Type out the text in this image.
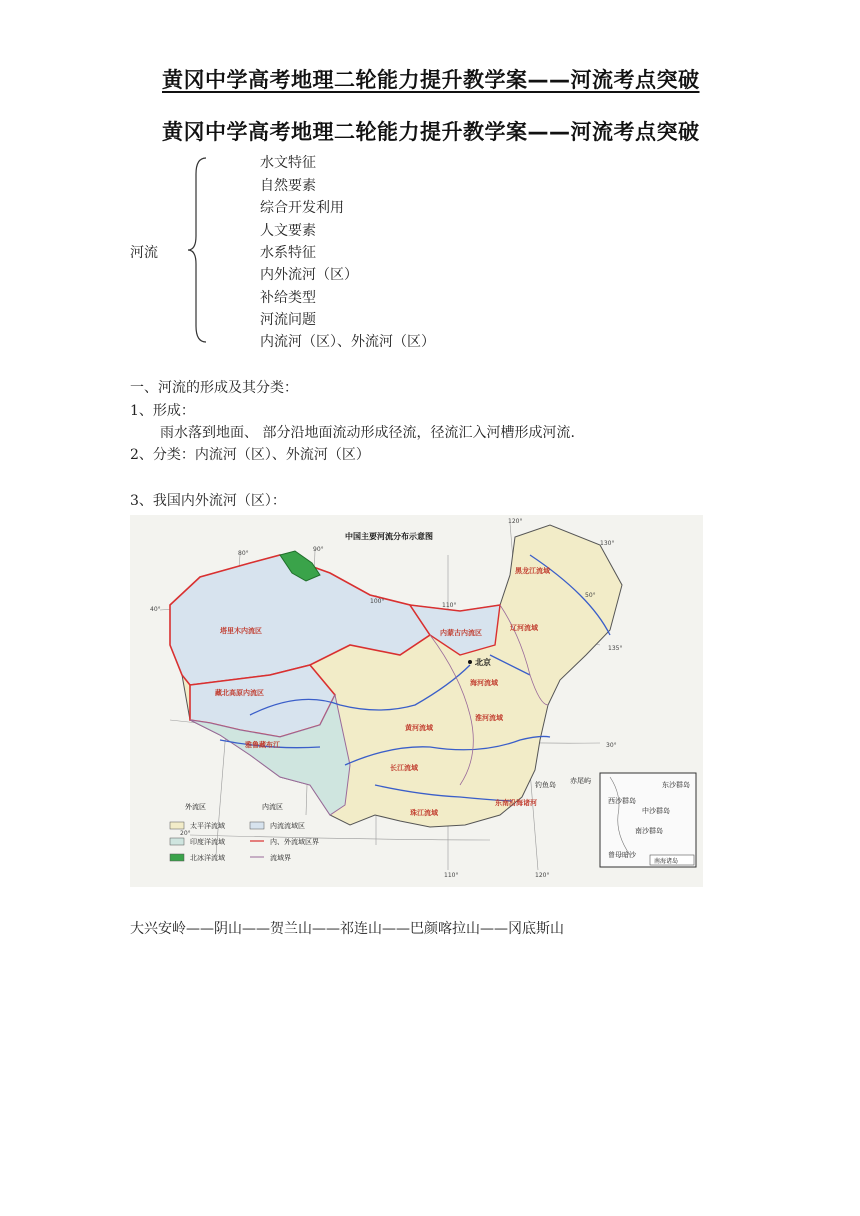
黄冈中学高考地理二轮能力提升教学案——河流考点突破
黄冈中学高考地理二轮能力提升教学案——河流考点突破
河流
水文特征
自然要素
综合开发利用
人文要素
水系特征
内外流河（区）
补给类型
河流问题
内流河（区）、外流河（区）
一、河流的形成及其分类：
1、形成：
雨水落到地面、 部分沿地面流动形成径流，径流汇入河槽形成河流.
2、分类：内流河（区）、外流河（区）
3、我国内外流河（区）：
中国主要河流分布示意图
黑龙江流域
塔里木内流区
藏北高原内流区
内蒙古内流区
辽河流域
海河流域
黄河流域
淮河流域
长江流域
珠江流域
雅鲁藏布江
东南沿海诸河
北京
钓鱼岛 赤尾屿
120°
130°
80°
90°
100°
110°
40°
30°
20°
135°
50°
120°
110°
东沙群岛
西沙群岛
中沙群岛
南沙群岛
曾母暗沙
南海诸岛
外流区	内流区
太平洋流域
印度洋流域
北冰洋流域
内流流域区
内、外流域区界
流域界
大兴安岭——阴山——贺兰山——祁连山——巴颜喀拉山——冈底斯山
